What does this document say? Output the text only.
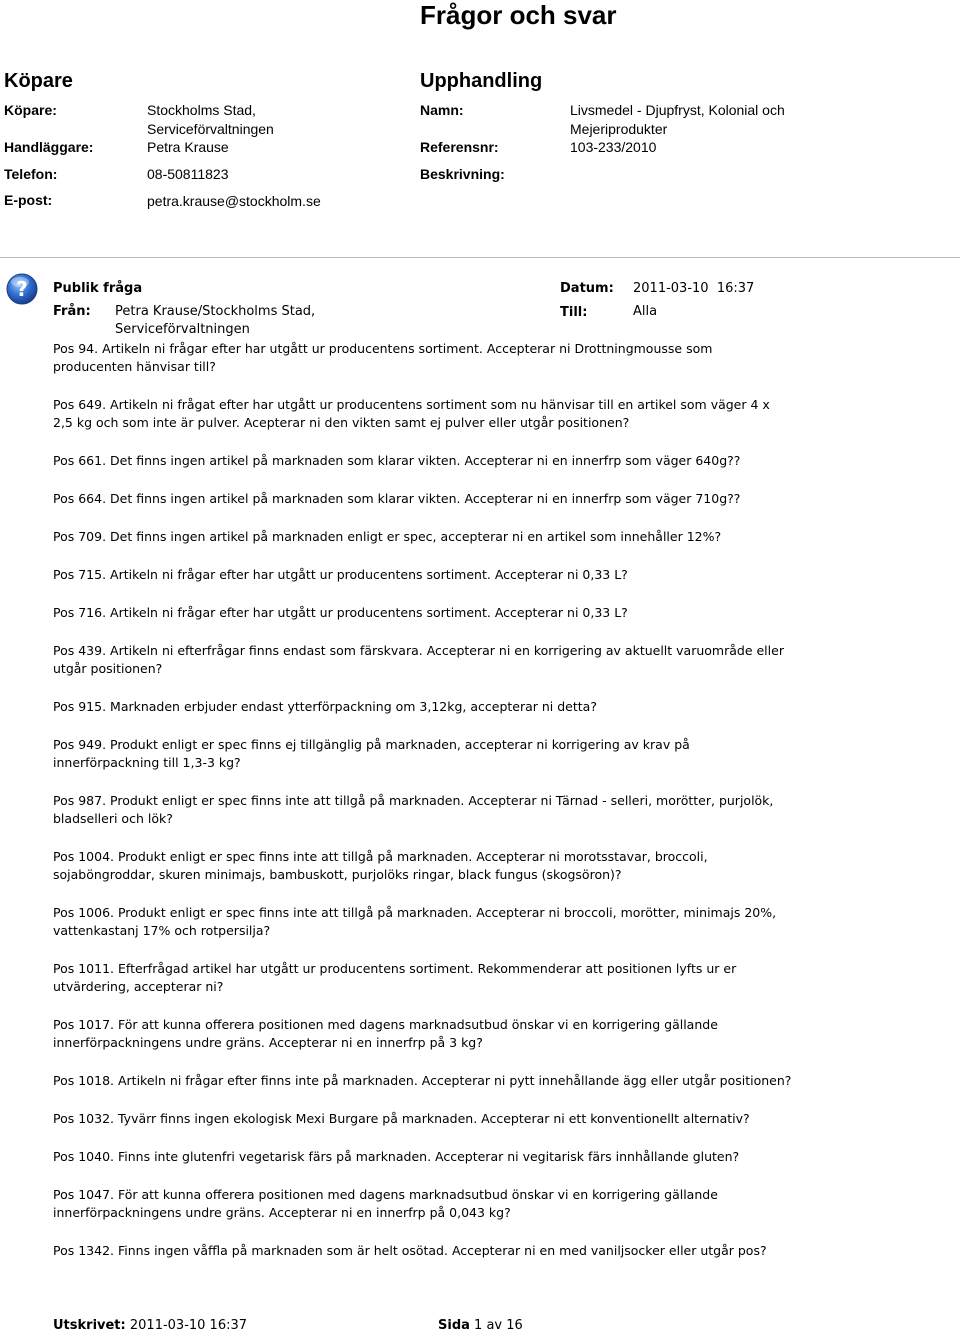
Frågor och svar
Köpare
Köpare:	Stockholms Stad,
Serviceförvaltningen
Handläggare:	Petra Krause
Telefon:	08-50811823
E-post:	petra.krause@stockholm.se
Upphandling
Namn:	Livsmedel - Djupfryst, Kolonial och
Mejeriprodukter
Referensnr:	103-233/2010
Beskrivning:
? Publik fråga	Datum: 2011-03-10  16:37
Från: Petra Krause/Stockholms Stad,
Serviceförvaltningen
Till:	Alla

Pos 94. Artikeln ni frågar efter har utgått ur producentens sortiment. Accepterar ni Drottningmousse som producenten hänvisar till?

Pos 649. Artikeln ni frågat efter har utgått ur producentens sortiment som nu hänvisar till en artikel som väger 4 x 2,5 kg och som inte är pulver. Acepterar ni den vikten samt ej pulver eller utgår positionen?

Pos 661. Det finns ingen artikel på marknaden som klarar vikten. Accepterar ni en innerfrp som väger 640g??

Pos 664. Det finns ingen artikel på marknaden som klarar vikten. Accepterar ni en innerfrp som väger 710g??

Pos 709. Det finns ingen artikel på marknaden enligt er spec, accepterar ni en artikel som innehåller 12%?

Pos 715. Artikeln ni frågar efter har utgått ur producentens sortiment. Accepterar ni 0,33 L?

Pos 716. Artikeln ni frågar efter har utgått ur producentens sortiment. Accepterar ni 0,33 L?

Pos 439. Artikeln ni efterfrågar finns endast som färskvara. Accepterar ni en korrigering av aktuellt varuområde eller utgår positionen?

Pos 915. Marknaden erbjuder endast ytterförpackning om 3,12kg, accepterar ni detta?

Pos 949. Produkt enligt er spec finns ej tillgänglig på marknaden, accepterar ni korrigering av krav på innerförpackning till 1,3-3 kg?

Pos 987. Produkt enligt er spec finns inte att tillgå på marknaden. Accepterar ni Tärnad - selleri, morötter, purjolök, bladselleri och lök?

Pos 1004. Produkt enligt er spec finns inte att tillgå på marknaden. Accepterar ni morotsstavar, broccoli, sojaböngroddar, skuren minimajs, bambuskott, purjolöks ringar, black fungus (skogsöron)?

Pos 1006. Produkt enligt er spec finns inte att tillgå på marknaden. Accepterar ni broccoli, morötter, minimajs 20%, vattenkastanj 17% och rotpersilja?

Pos 1011. Efterfrågad artikel har utgått ur producentens sortiment. Rekommenderar att positionen lyfts ur er utvärdering, accepterar ni?

Pos 1017. För att kunna offerera positionen med dagens marknadsutbud önskar vi en korrigering gällande innerförpackningens undre gräns. Accepterar ni en innerfrp på 3 kg?

Pos 1018. Artikeln ni frågar efter finns inte på marknaden. Accepterar ni pytt innehållande ägg eller utgår positionen?

Pos 1032. Tyvärr finns ingen ekologisk Mexi Burgare på marknaden. Accepterar ni ett konventionellt alternativ?

Pos 1040. Finns inte glutenfri vegetarisk färs på marknaden. Accepterar ni vegitarisk färs innhållande gluten?

Pos 1047. För att kunna offerera positionen med dagens marknadsutbud önskar vi en korrigering gällande innerförpackningens undre gräns. Accepterar ni en innerfrp på 0,043 kg?

Pos 1342. Finns ingen våffla på marknaden som är helt osötad. Accepterar ni en med vaniljsocker eller utgår pos?

Utskrivet: 2011-03-10 16:37	Sida 1 av 16
